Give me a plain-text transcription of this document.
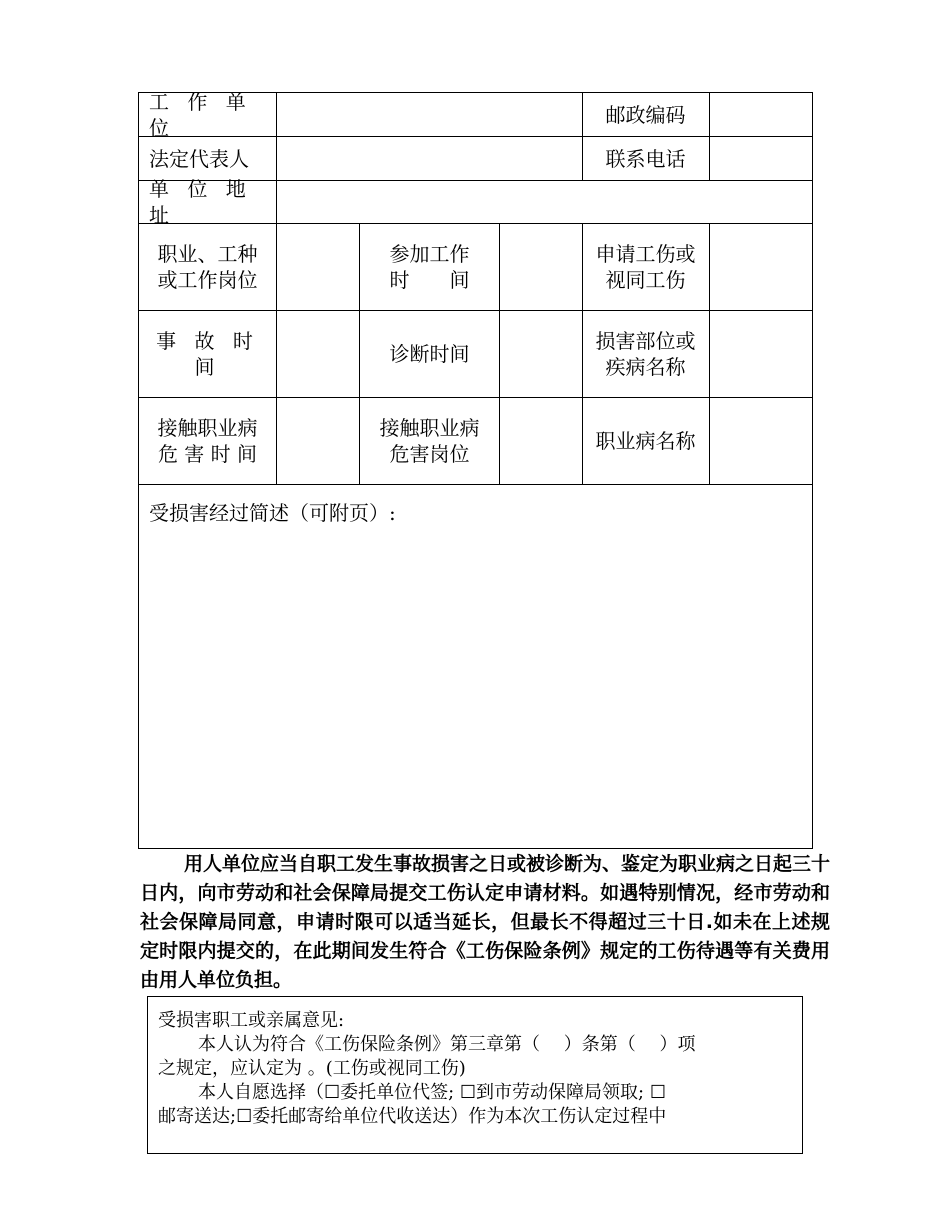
工 作 单 位
邮政编码
法定代表人	联系电话
单 位 地 址
职业、工种
或工作岗位
参加工作
时　　间
申请工伤或
视同工伤
事 故 时 间
诊断时间
损害部位或
疾病名称
接触职业病
危 害 时 间
接触职业病
危害岗位
职业病名称
受损害经过简述（可附页）:

用人单位应当自职工发生事故损害之日或被诊断为、鉴定为职业病之日起三十日内，向市劳动和社会保障局提交工伤认定申请材料。如遇特别情况，经市劳动和社会保障局同意，申请时限可以适当延长，但最长不得超过三十日.如未在上述规定时限内提交的，在此期间发生符合《工伤保险条例》规定的工伤待遇等有关费用由用人单位负担。

受损害职工或亲属意见:
本人认为符合《工伤保险条例》第三章第（　 ）条第（　 ）项
之规定，应认定为 。(工伤或视同工伤)
本人自愿选择（☐委托单位代签; ☐到市劳动保障局领取; ☐
邮寄送达;☐委托邮寄给单位代收送达）作为本次工伤认定过程中
